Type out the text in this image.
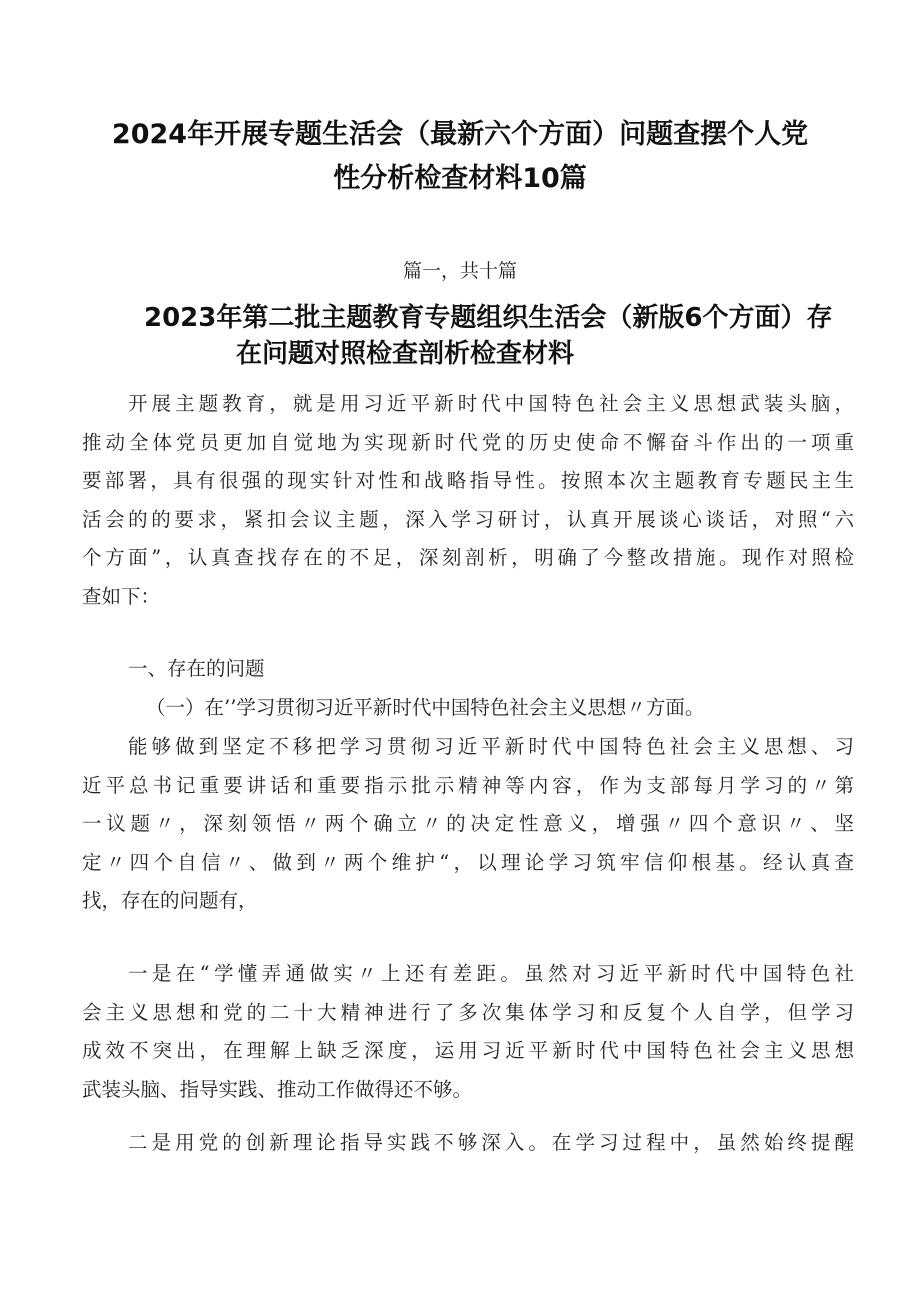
2024年开展专题生活会（最新六个方面）问题查摆个人党
性分析检查材料10篇
篇一，共十篇
2023年第二批主题教育专题组织生活会（新版6个方面）存
在问题对照检查剖析检查材料
开展主题教育，就是用习近平新时代中国特色社会主义思想武装头脑，
推动全体党员更加自觉地为实现新时代党的历史使命不懈奋斗作出的一项重
要部署，具有很强的现实针对性和战略指导性。按照本次主题教育专题民主生
活会的的要求，紧扣会议主题，深入学习研讨，认真开展谈心谈话，对照“六
个方面”，认真查找存在的不足，深刻剖析，明确了今整改措施。现作对照检
查如下：
一、存在的问题
（一）在’’学习贯彻习近平新时代中国特色社会主义思想〃方面。
能够做到坚定不移把学习贯彻习近平新时代中国特色社会主义思想、习
近平总书记重要讲话和重要指示批示精神等内容，作为支部每月学习的〃第
一议题〃，深刻领悟〃两个确立〃的决定性意义，增强〃四个意识〃、坚
定〃四个自信〃、做到〃两个维护“，以理论学习筑牢信仰根基。经认真查
找，存在的问题有，
一是在“学懂弄通做实〃上还有差距。虽然对习近平新时代中国特色社
会主义思想和党的二十大精神进行了多次集体学习和反复个人自学，但学习
成效不突出，在理解上缺乏深度，运用习近平新时代中国特色社会主义思想
武装头脑、指导实践、推动工作做得还不够。
二是用党的创新理论指导实践不够深入。在学习过程中，虽然始终提醒
